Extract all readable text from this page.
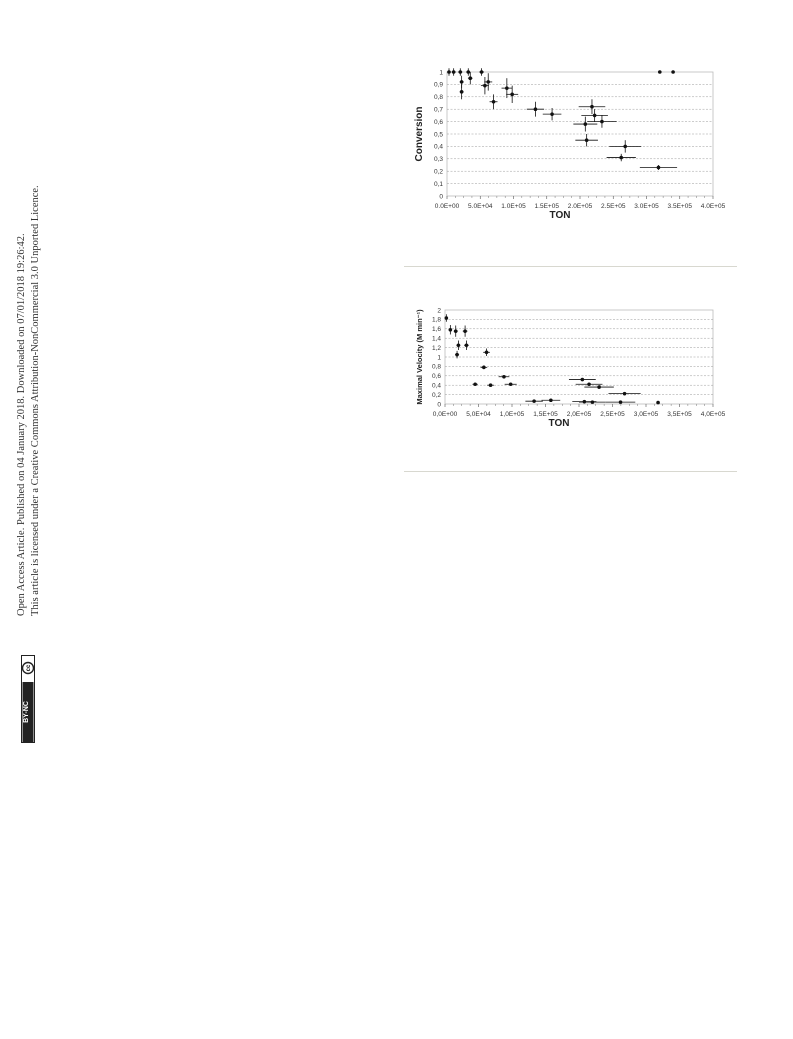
Open Access Article. Published on 04 January 2018. Downloaded on 07/01/2018 19:26:42. This article is licensed under a Creative Commons Attribution-NonCommercial 3.0 Unported Licence.
cc
BY-NC
0
0,1
0,2
0,3
0,4
0,5
0,6
0,7
0,8
0,9
1
0.0E+00 5.0E+04 1.0E+05 1.5E+05 2.0E+05 2.5E+05 3.0E+05 3.5E+05 4.0E+05
TON
Conversion
0
0,2
0,4
0,6
0,8
1
1,2
1,4
1,6
1,8
2
0,0E+00 5,0E+04 1,0E+05 1,5E+05 2,0E+05 2,5E+05 3,0E+05 3,5E+05 4,0E+05
TON
Maximal Velocity (M min⁻¹)
